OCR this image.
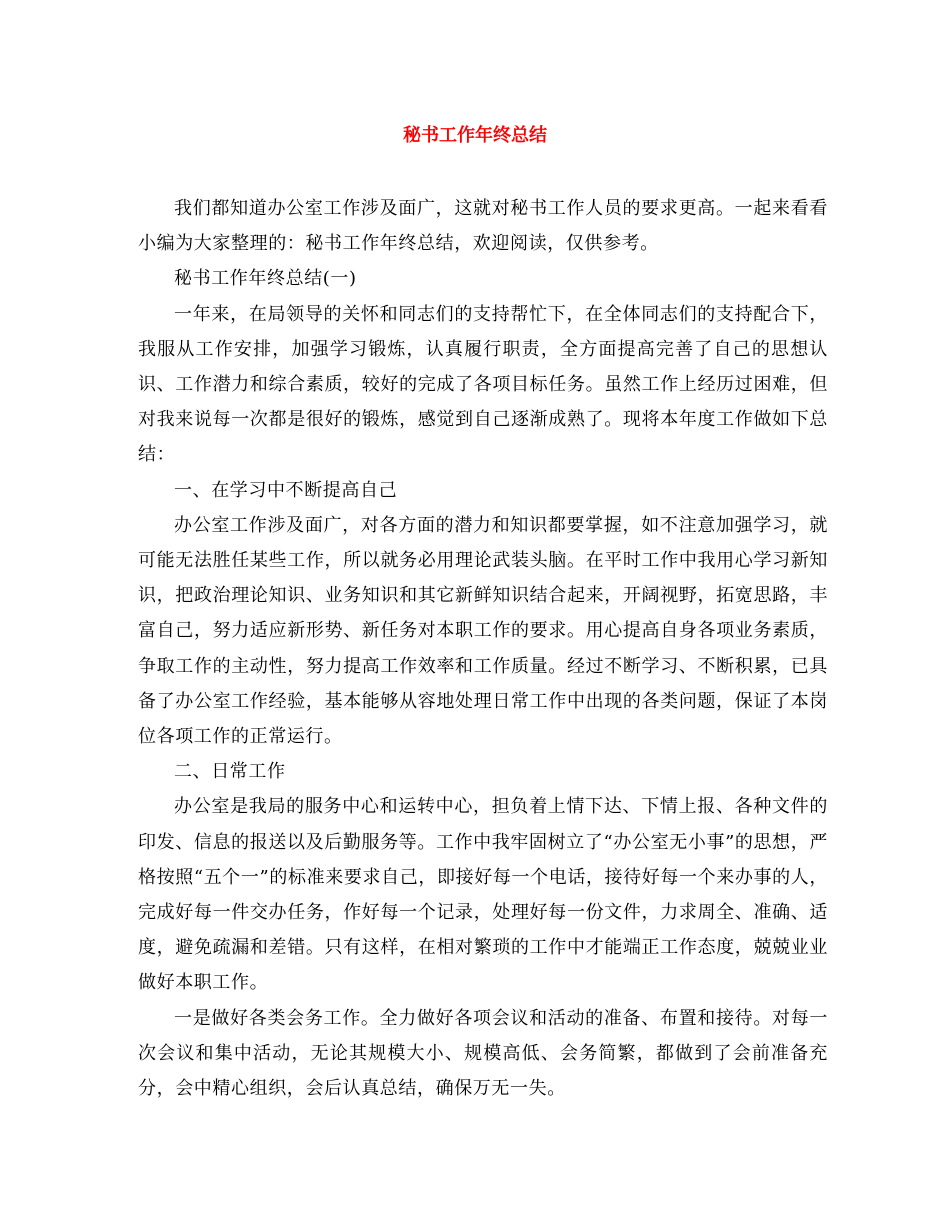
秘书工作年终总结

我们都知道办公室工作涉及面广，这就对秘书工作人员的要求更高。一起来看看小编为大家整理的：秘书工作年终总结，欢迎阅读，仅供参考。

秘书工作年终总结(一)

一年来，在局领导的关怀和同志们的支持帮忙下，在全体同志们的支持配合下，我服从工作安排，加强学习锻炼，认真履行职责，全方面提高完善了自己的思想认识、工作潜力和综合素质，较好的完成了各项目标任务。虽然工作上经历过困难，但对我来说每一次都是很好的锻炼，感觉到自己逐渐成熟了。现将本年度工作做如下总结：

一、在学习中不断提高自己

办公室工作涉及面广，对各方面的潜力和知识都要掌握，如不注意加强学习，就可能无法胜任某些工作，所以就务必用理论武装头脑。在平时工作中我用心学习新知识，把政治理论知识、业务知识和其它新鲜知识结合起来，开阔视野，拓宽思路，丰富自己，努力适应新形势、新任务对本职工作的要求。用心提高自身各项业务素质，争取工作的主动性，努力提高工作效率和工作质量。经过不断学习、不断积累，已具备了办公室工作经验，基本能够从容地处理日常工作中出现的各类问题，保证了本岗位各项工作的正常运行。

二、日常工作

办公室是我局的服务中心和运转中心，担负着上情下达、下情上报、各种文件的印发、信息的报送以及后勤服务等。工作中我牢固树立了“办公室无小事”的思想，严格按照“五个一”的标准来要求自己，即接好每一个电话，接待好每一个来办事的人，完成好每一件交办任务，作好每一个记录，处理好每一份文件，力求周全、准确、适度，避免疏漏和差错。只有这样，在相对繁琐的工作中才能端正工作态度，兢兢业业做好本职工作。

一是做好各类会务工作。全力做好各项会议和活动的准备、布置和接待。对每一次会议和集中活动，无论其规模大小、规模高低、会务简繁，都做到了会前准备充分，会中精心组织，会后认真总结，确保万无一失。
